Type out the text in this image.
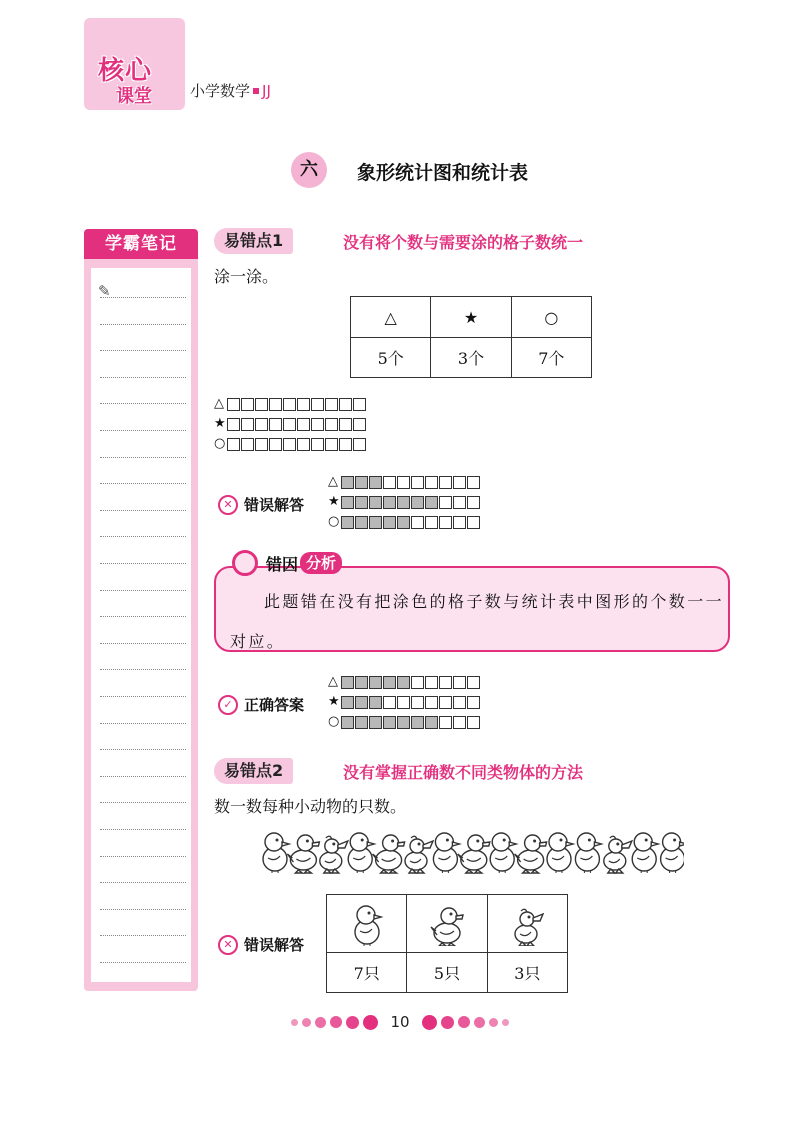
核心
课堂	小学数学 JJ
六	象形统计图和统计表
学霸笔记
✎
易错点1	没有将个数与需要涂的格子数统一
涂一涂。
△	★	○
5个	3个	7个
△
★
○
✕ 错误解答
△
★
○
错因 分析
此题错在没有把涂色的格子数与统计表中图形的个数一一对应。
✓ 正确答案
△
★
○
易错点2	没有掌握正确数不同类物体的方法
数一数每种小动物的只数。
✕ 错误解答

7只	5只	3只
10
